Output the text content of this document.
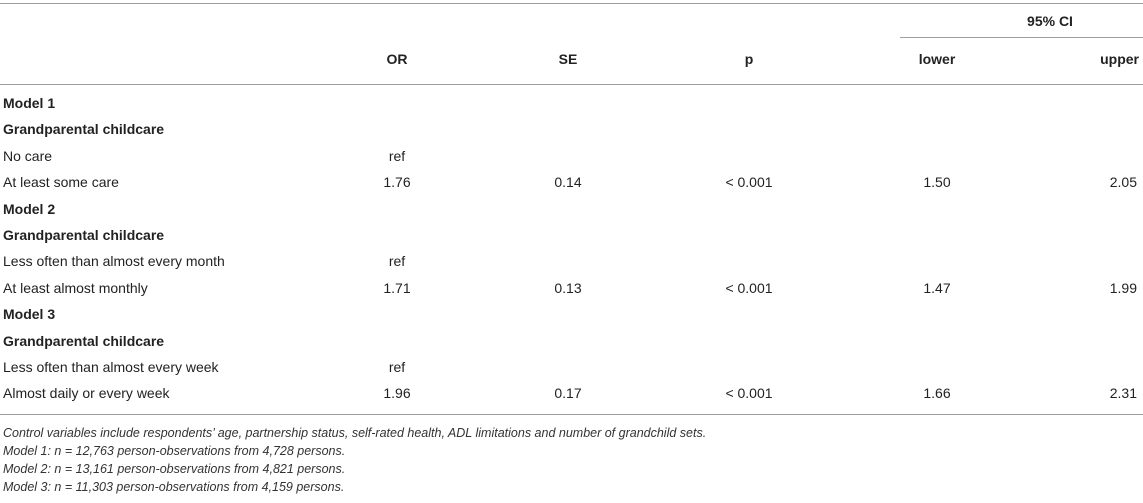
95% CI
OR	SE	p	lower	upper
Model 1
Grandparental childcare
No care	ref
At least some care	1.76	0.14	< 0.001	1.50	2.05
Model 2
Grandparental childcare
Less often than almost every month	ref
At least almost monthly	1.71	0.13	< 0.001	1.47	1.99
Model 3
Grandparental childcare
Less often than almost every week	ref
Almost daily or every week	1.96	0.17	< 0.001	1.66	2.31
Control variables include respondents’ age, partnership status, self-rated health, ADL limitations and number of grandchild sets.
Model 1: n = 12,763 person-observations from 4,728 persons.
Model 2: n = 13,161 person-observations from 4,821 persons.
Model 3: n = 11,303 person-observations from 4,159 persons.
